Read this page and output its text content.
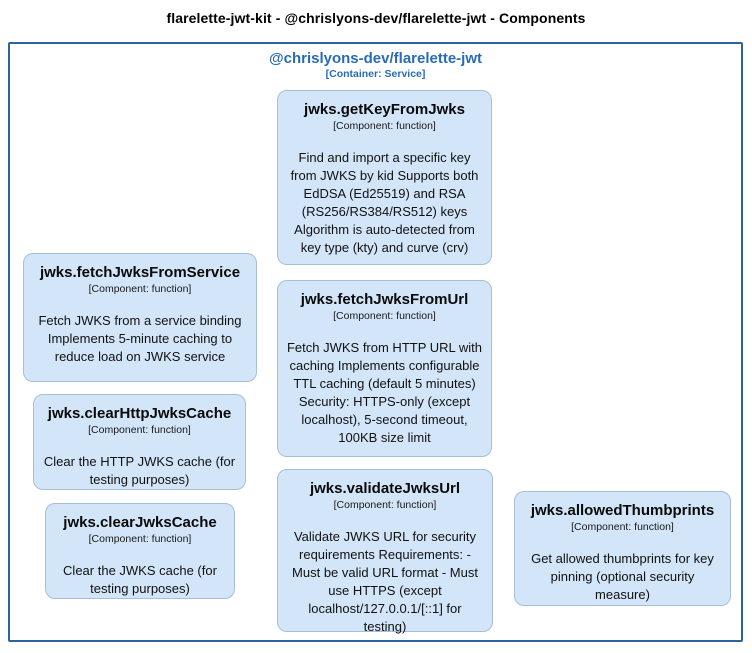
flarelette-jwt-kit - @chrislyons-dev/flarelette-jwt - Components
@chrislyons-dev/flarelette-jwt
[Container: Service]
jwks.getKeyFromJwks
[Component: function]
Find and import a specific key from JWKS by kid Supports both EdDSA (Ed25519) and RSA (RS256/RS384/RS512) keys Algorithm is auto-detected from key type (kty) and curve (crv)
jwks.fetchJwksFromService
[Component: function]
Fetch JWKS from a service binding Implements 5-minute caching to reduce load on JWKS service
jwks.fetchJwksFromUrl
[Component: function]
Fetch JWKS from HTTP URL with caching Implements configurable TTL caching (default 5 minutes) Security: HTTPS-only (except localhost), 5-second timeout, 100KB size limit
jwks.clearHttpJwksCache
[Component: function]
Clear the HTTP JWKS cache (for testing purposes)
jwks.clearJwksCache
[Component: function]
Clear the JWKS cache (for testing purposes)
jwks.validateJwksUrl
[Component: function]
Validate JWKS URL for security requirements Requirements: - Must be valid URL format - Must use HTTPS (except localhost/127.0.0.1/[::1] for testing)
jwks.allowedThumbprints
[Component: function]
Get allowed thumbprints for key pinning (optional security measure)
